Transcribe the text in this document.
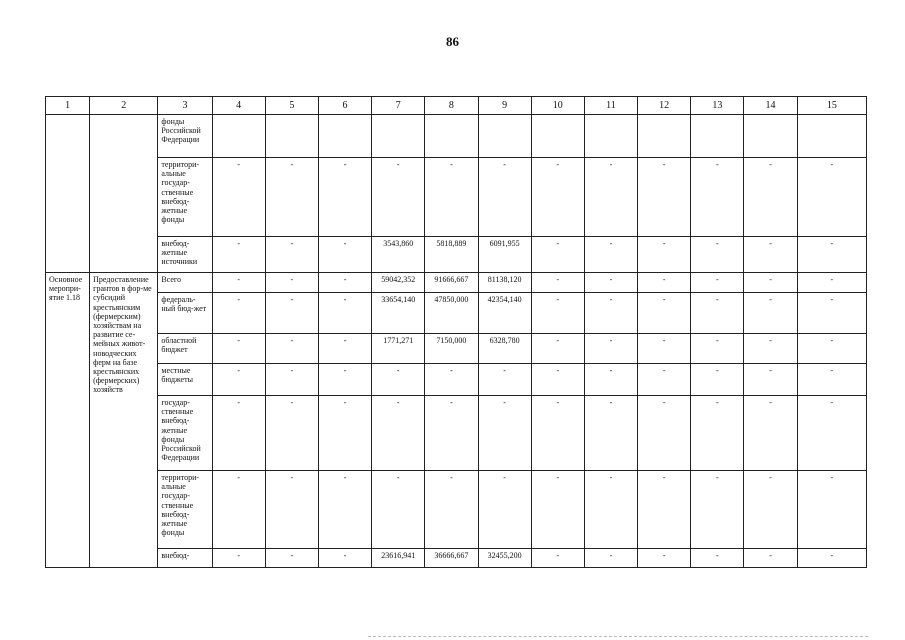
86
1	2	3	4	5	6	7	8	9	10	11	12	13	14	15
		фонды Российской Федерации												
		территори-альные государ-ственные внебюд-жетные фонды	-	-	-	-	-	-	-	-	-	-	-	-
		внебюд-жетные источники	-	-	-	3543,860	5818,889	6091,955	-	-	-	-	-	-
Основное меропри-ятие 1.18	Предоставление грантов в фор-ме субсидий крестьянским (фермерским) хозяйствам на развитие се-мейных живот-новодческих ферм на базе крестьянских (фермерских) хозяйств	Всего	-	-	-	59042,352	91666,667	81138,120	-	-	-	-	-	-
		федераль-ный бюд-жет	-	-	-	33654,140	47850,000	42354,140	-	-	-	-	-	-
		областной бюджет	-	-	-	1771,271	7150,000	6328,780	-	-	-	-	-	-
		местные бюджеты	-	-	-	-	-	-	-	-	-	-	-	-
		государ-ственные внебюд-жетные фонды Российской Федерации	-	-	-	-	-	-	-	-	-	-	-	-
		территори-альные государ-ственные внебюд-жетные фонды	-	-	-	-	-	-	-	-	-	-	-	-
		внебюд-	-	-	-	23616,941	36666,667	32455,200	-	-	-	-	-	-
